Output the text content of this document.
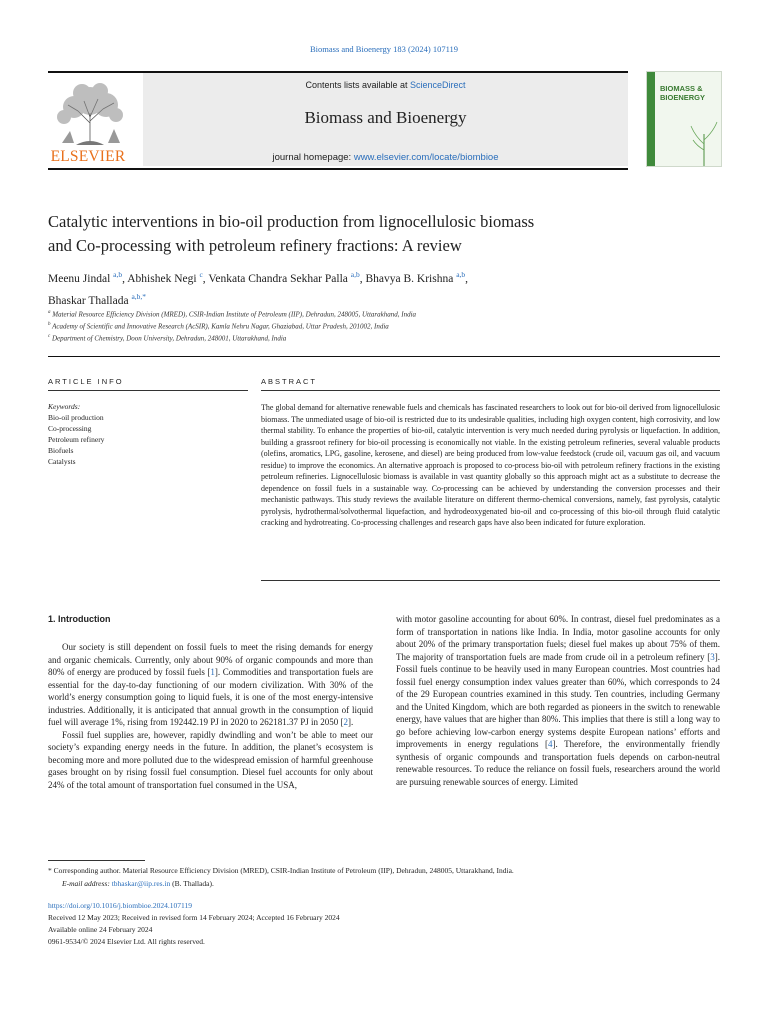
Biomass and Bioenergy 183 (2024) 107119
ELSEVIER
Contents lists available at ScienceDirect
Biomass and Bioenergy
journal homepage: www.elsevier.com/locate/biombioe
BIOMASS &
BIOENERGY
Catalytic interventions in bio-oil production from lignocellulosic biomass
and Co-processing with petroleum refinery fractions: A review
Meenu Jindal $^{a,b}$, Abhishek Negi $^c$, Venkata Chandra Sekhar Palla $^{a,b}$, Bhavya B. Krishna $^{a,b}$,
Bhaskar Thallada $^{a,b,*}$
$^a$ Material Resource Efficiency Division (MRED), CSIR-Indian Institute of Petroleum (IIP), Dehradun, 248005, Uttarakhand, India
$^b$ Academy of Scientific and Innovative Research (AcSIR), Kamla Nehru Nagar, Ghaziabad, Uttar Pradesh, 201002, India
$^c$ Department of Chemistry, Doon University, Dehradun, 248001, Uttarakhand, India
ARTICLE INFO	ABSTRACT
Keywords:
Bio-oil production
Co-processing
Petroleum refinery
Biofuels
Catalysts
The global demand for alternative renewable fuels and chemicals has fascinated researchers to look out for bio-oil derived from lignocellulosic biomass. The unmediated usage of bio-oil is restricted due to its undesirable qualities, including high oxygen content, high corrosivity, and low thermal stability. To enhance the properties of bio-oil, catalytic intervention is very much needed during pyrolysis or liquefaction. In addition, building a grassroot refinery for bio-oil processing is economically not viable. In the existing petroleum refineries, several valuable products (olefins, aromatics, LPG, gasoline, kerosene, and diesel) are being produced from low-value feedstock (crude oil, vacuum gas oil, and vacuum residue) to improve the economics. An alternative approach is proposed to co-process bio-oil with petroleum refinery fractions in the existing petroleum refineries. Lignocellulosic biomass is available in vast quantity globally so this approach might act as a substitute to decrease the dependence on fossil fuels in a sustainable way. Co-processing can be achieved by understanding the conversion processes and their mechanistic pathways. This study reviews the available literature on different thermo-chemical conversions, namely, fast pyrolysis, catalytic pyrolysis, hydrothermal/solvothermal liquefaction, and hydrodeoxygenated bio-oil and co-processing of this bio-oil through fluid catalytic cracking and hydrotreating. Co-processing challenges and research gaps have also been indicated for future exploration.
1. Introduction

Our society is still dependent on fossil fuels to meet the rising demands for energy and organic chemicals. Currently, only about 90% of organic compounds and more than 80% of energy are produced by fossil fuels [1]. Commodities and transportation fuels are essential for the day-to-day functioning of our modern civilization. With 30% of the world’s energy consumption going to liquid fuels, it is one of the most energy-intensive industries. Additionally, it is anticipated that annual growth in the consumption of liquid fuel will average 1%, rising from 192442.19 PJ in 2020 to 262181.37 PJ in 2050 [2].

Fossil fuel supplies are, however, rapidly dwindling and won’t be able to meet our society’s expanding energy needs in the future. In addition, the planet’s ecosystem is becoming more and more polluted due to the widespread emission of harmful greenhouse gases brought on by rising fossil fuel consumption. Diesel fuel accounts for only about 24% of the total amount of transportation fuel consumed in the USA,

with motor gasoline accounting for about 60%. In contrast, diesel fuel predominates as a form of transportation in nations like India. In India, motor gasoline accounts for only about 20% of the primary transportation fuels; diesel fuel makes up about 75% of them. The majority of transportation fuels are made from crude oil in a petroleum refinery [3]. Fossil fuels continue to be heavily used in many European countries. Most countries had fossil fuel energy consumption index values greater than 60%, which corresponds to 24 of the 29 European countries examined in this study. Ten countries, including Germany and the United Kingdom, which are both regarded as pioneers in the switch to renewable energy, have values that are higher than 80%. This implies that there is still a long way to go before achieving low-carbon energy systems despite European nations’ efforts and improvements in energy regulations [4]. Therefore, the environmentally friendly synthesis of organic compounds and transportation fuels depends on carbon-neutral renewable resources. To reduce the reliance on fossil fuels, researchers around the world are pursuing renewable sources of energy. Limited

* Corresponding author. Material Resource Efficiency Division (MRED), CSIR-Indian Institute of Petroleum (IIP), Dehradun, 248005, Uttarakhand, India.
E-mail address: tbhaskar@iip.res.in (B. Thallada).
https://doi.org/10.1016/j.biombioe.2024.107119
Received 12 May 2023; Received in revised form 14 February 2024; Accepted 16 February 2024
Available online 24 February 2024
0961-9534/© 2024 Elsevier Ltd. All rights reserved.
